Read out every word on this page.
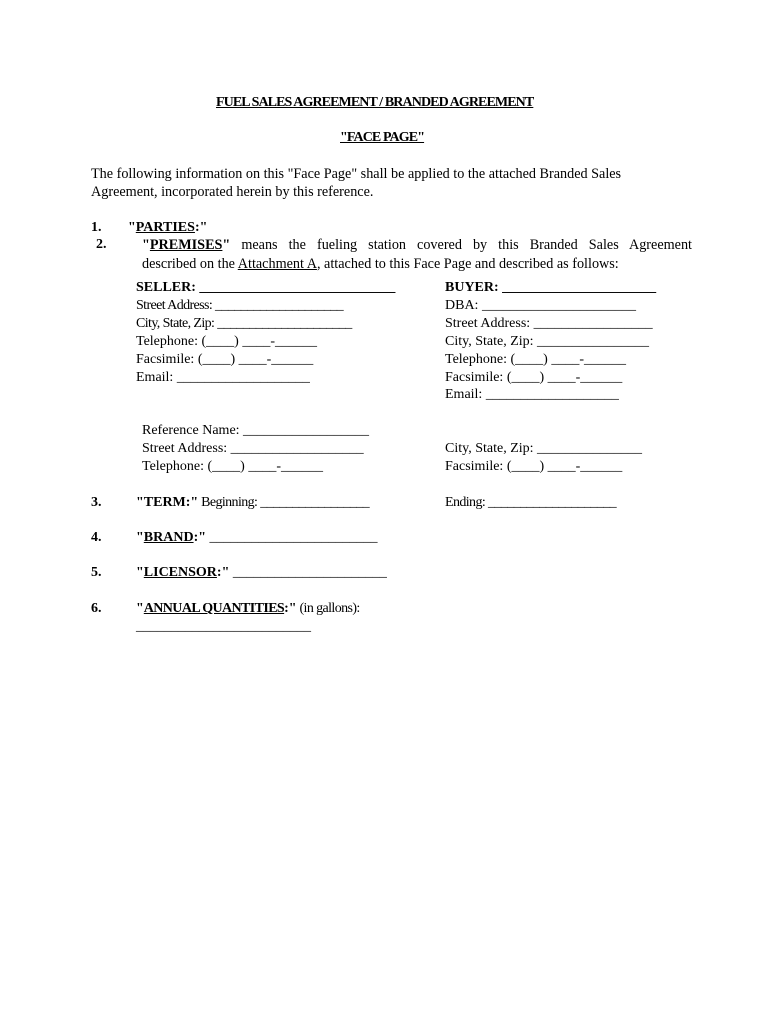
FUEL SALES AGREEMENT / BRANDED AGREEMENT
"FACE PAGE"
The following information on this "Face Page" shall be applied to the attached Branded Sales
Agreement, incorporated herein by this reference.
1. "PARTIES:"
2.	"PREMISES" means the fueling station covered by this Branded Sales Agreement
described on the Attachment A, attached to this Face Page and described as follows:
SELLER: ____________________________
Street Address: ____________________
City, State, Zip: _____________________
Telephone: (____) ____-______
Facsimile: (____) ____-______
Email: ___________________
BUYER: ______________________
DBA: ______________________
Street Address: _________________
City, State, Zip: ________________
Telephone: (____) ____-______
Facsimile: (____) ____-______
Email: ___________________
Reference Name: __________________
Street Address: ___________________
Telephone: (____) ____-______
City, State, Zip: _______________
Facsimile: (____) ____-______
3. "TERM:" Beginning: _________________	Ending: ____________________
4. "BRAND:" ________________________
5. "LICENSOR:" ______________________
6. "ANNUAL QUANTITIES:" (in gallons):
_________________________
